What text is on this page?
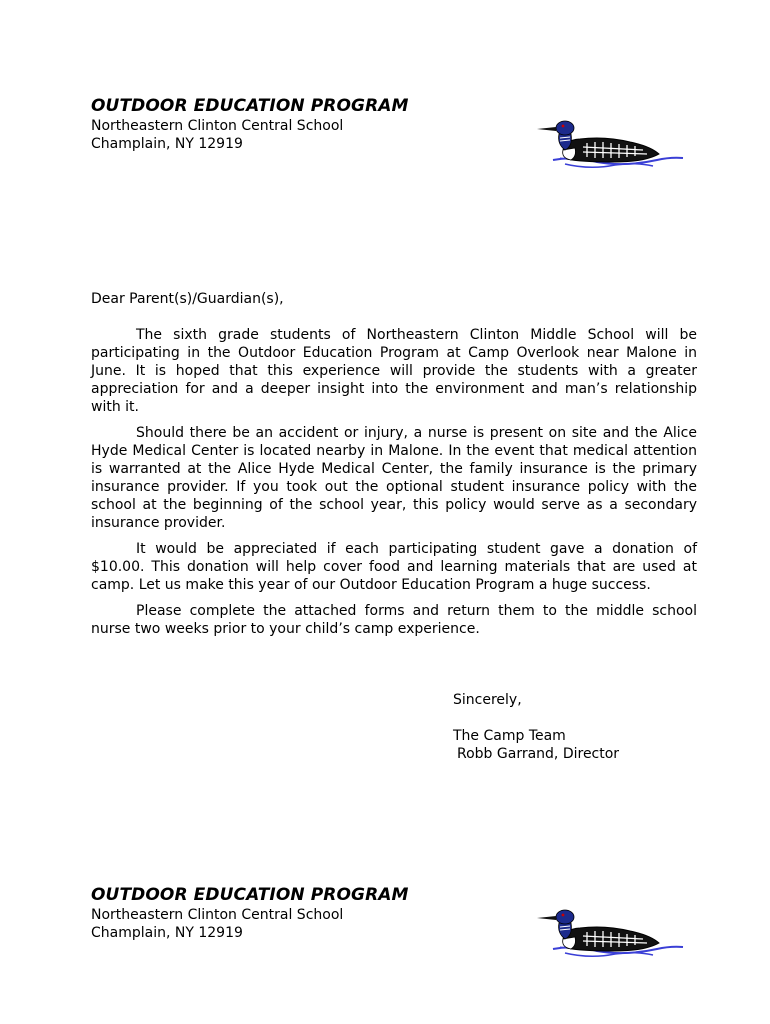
OUTDOOR EDUCATION PROGRAM
Northeastern Clinton Central School
Champlain, NY 12919
Dear Parent(s)/Guardian(s),

The sixth grade students of Northeastern Clinton Middle School will be participating in the Outdoor Education Program at Camp Overlook near Malone in June. It is hoped that this experience will provide the students with a greater appreciation for and a deeper insight into the environment and man’s relationship with it.

Should there be an accident or injury, a nurse is present on site and the Alice Hyde Medical Center is located nearby in Malone. In the event that medical attention is warranted at the Alice Hyde Medical Center, the family insurance is the primary insurance provider. If you took out the optional student insurance policy with the school at the beginning of the school year, this policy would serve as a secondary insurance provider.

It would be appreciated if each participating student gave a donation of $10.00. This donation will help cover food and learning materials that are used at camp. Let us make this year of our Outdoor Education Program a huge success.

Please complete the attached forms and return them to the middle school nurse two weeks prior to your child’s camp experience.

Sincerely,
The Camp Team
Robb Garrand, Director
OUTDOOR EDUCATION PROGRAM
Northeastern Clinton Central School
Champlain, NY 12919
